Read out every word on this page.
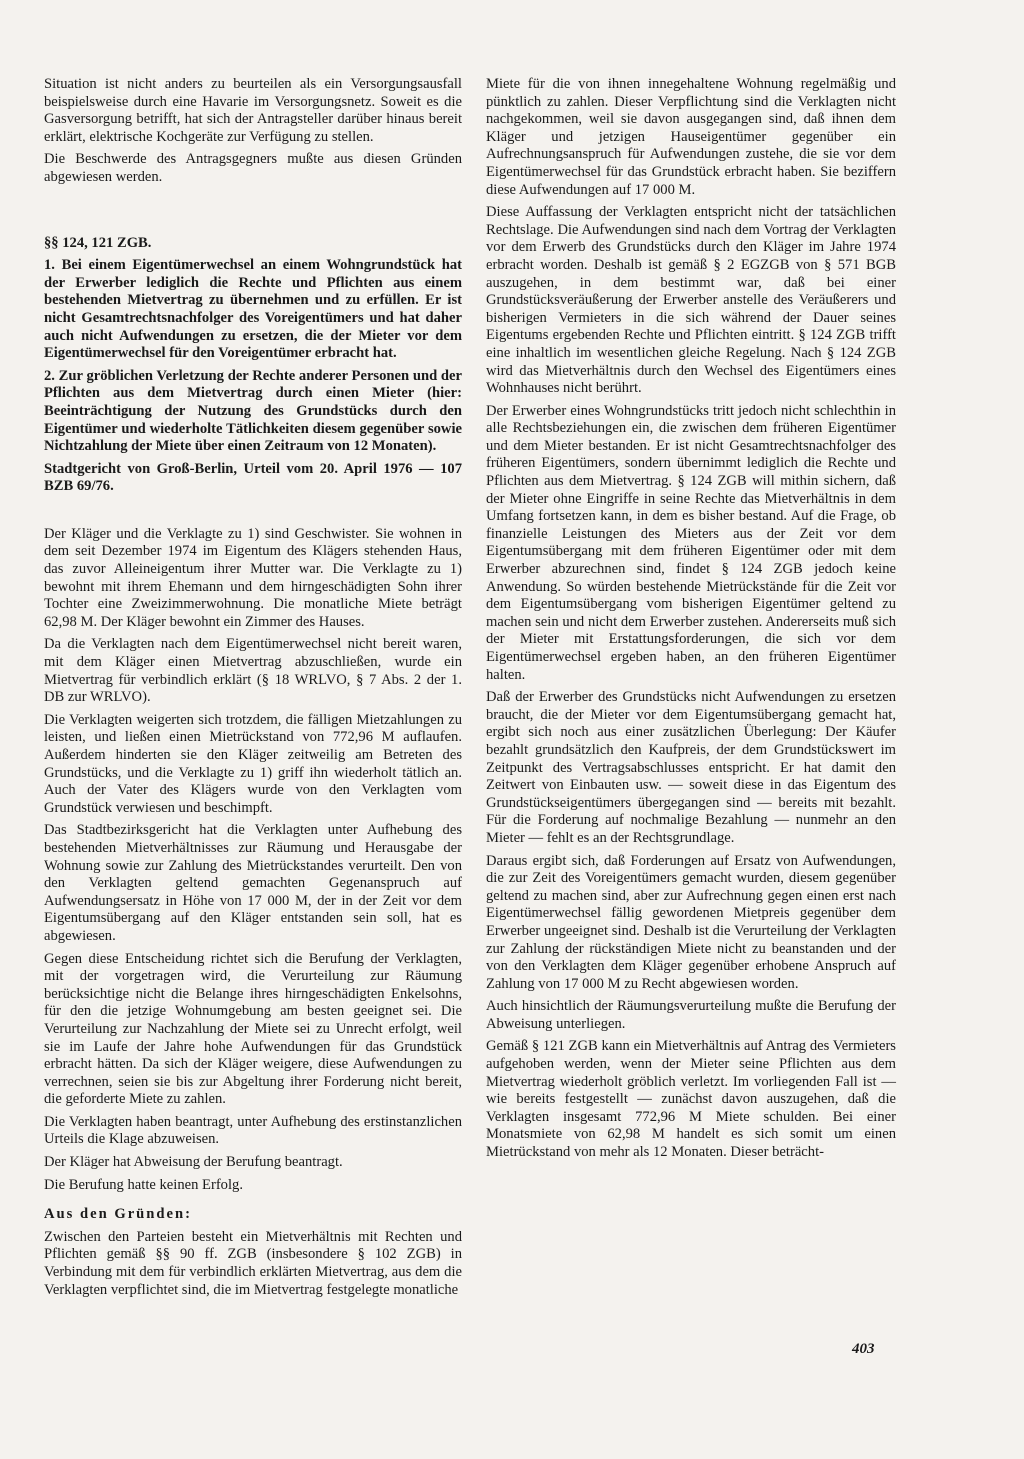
Situation ist nicht anders zu beurteilen als ein Versorgungsausfall beispielsweise durch eine Havarie im Versorgungsnetz. Soweit es die Gasversorgung betrifft, hat sich der Antragsteller darüber hinaus bereit erklärt, elektrische Kochgeräte zur Verfügung zu stellen.

Die Beschwerde des Antragsgegners mußte aus diesen Gründen abgewiesen werden.

§§ 124, 121 ZGB.

1. Bei einem Eigentümerwechsel an einem Wohngrundstück hat der Erwerber lediglich die Rechte und Pflichten aus einem bestehenden Mietvertrag zu übernehmen und zu erfüllen. Er ist nicht Gesamtrechtsnachfolger des Voreigentümers und hat daher auch nicht Aufwendungen zu ersetzen, die der Mieter vor dem Eigentümerwechsel für den Voreigentümer erbracht hat.

2. Zur gröblichen Verletzung der Rechte anderer Personen und der Pflichten aus dem Mietvertrag durch einen Mieter (hier: Beeinträchtigung der Nutzung des Grundstücks durch den Eigentümer und wiederholte Tätlichkeiten diesem gegenüber sowie Nichtzahlung der Miete über einen Zeitraum von 12 Monaten).

Stadtgericht von Groß-Berlin, Urteil vom 20. April 1976 — 107 BZB 69/76.

Der Kläger und die Verklagte zu 1) sind Geschwister. Sie wohnen in dem seit Dezember 1974 im Eigentum des Klägers stehenden Haus, das zuvor Alleineigentum ihrer Mutter war. Die Verklagte zu 1) bewohnt mit ihrem Ehemann und dem hirngeschädigten Sohn ihrer Tochter eine Zweizimmerwohnung. Die monatliche Miete beträgt 62,98 M. Der Kläger bewohnt ein Zimmer des Hauses.

Da die Verklagten nach dem Eigentümerwechsel nicht bereit waren, mit dem Kläger einen Mietvertrag abzuschließen, wurde ein Mietvertrag für verbindlich erklärt (§ 18 WRLVO, § 7 Abs. 2 der 1. DB zur WRLVO).

Die Verklagten weigerten sich trotzdem, die fälligen Mietzahlungen zu leisten, und ließen einen Mietrückstand von 772,96 M auflaufen. Außerdem hinderten sie den Kläger zeitweilig am Betreten des Grundstücks, und die Verklagte zu 1) griff ihn wiederholt tätlich an. Auch der Vater des Klägers wurde von den Verklagten vom Grundstück verwiesen und beschimpft.

Das Stadtbezirksgericht hat die Verklagten unter Aufhebung des bestehenden Mietverhältnisses zur Räumung und Herausgabe der Wohnung sowie zur Zahlung des Mietrückstandes verurteilt. Den von den Verklagten geltend gemachten Gegenanspruch auf Aufwendungsersatz in Höhe von 17 000 M, der in der Zeit vor dem Eigentumsübergang auf den Kläger entstanden sein soll, hat es abgewiesen.

Gegen diese Entscheidung richtet sich die Berufung der Verklagten, mit der vorgetragen wird, die Verurteilung zur Räumung berücksichtige nicht die Belange ihres hirngeschädigten Enkelsohns, für den die jetzige Wohnumgebung am besten geeignet sei. Die Verurteilung zur Nachzahlung der Miete sei zu Unrecht erfolgt, weil sie im Laufe der Jahre hohe Aufwendungen für das Grundstück erbracht hätten. Da sich der Kläger weigere, diese Aufwendungen zu verrechnen, seien sie bis zur Abgeltung ihrer Forderung nicht bereit, die geforderte Miete zu zahlen.

Die Verklagten haben beantragt, unter Aufhebung des erstinstanzlichen Urteils die Klage abzuweisen.

Der Kläger hat Abweisung der Berufung beantragt.

Die Berufung hatte keinen Erfolg.

Aus den Gründen:

Zwischen den Parteien besteht ein Mietverhältnis mit Rechten und Pflichten gemäß §§ 90 ff. ZGB (insbesondere § 102 ZGB) in Verbindung mit dem für verbindlich erklärten Mietvertrag, aus dem die Verklagten verpflichtet sind, die im Mietvertrag festgelegte monatliche

Miete für die von ihnen innegehaltene Wohnung regelmäßig und pünktlich zu zahlen. Dieser Verpflichtung sind die Verklagten nicht nachgekommen, weil sie davon ausgegangen sind, daß ihnen dem Kläger und jetzigen Hauseigentümer gegenüber ein Aufrechnungsanspruch für Aufwendungen zustehe, die sie vor dem Eigentümerwechsel für das Grundstück erbracht haben. Sie beziffern diese Aufwendungen auf 17 000 M.

Diese Auffassung der Verklagten entspricht nicht der tatsächlichen Rechtslage. Die Aufwendungen sind nach dem Vortrag der Verklagten vor dem Erwerb des Grundstücks durch den Kläger im Jahre 1974 erbracht worden. Deshalb ist gemäß § 2 EGZGB von § 571 BGB auszugehen, in dem bestimmt war, daß bei einer Grundstücksveräußerung der Erwerber anstelle des Veräußerers und bisherigen Vermieters in die sich während der Dauer seines Eigentums ergebenden Rechte und Pflichten eintritt. § 124 ZGB trifft eine inhaltlich im wesentlichen gleiche Regelung. Nach § 124 ZGB wird das Mietverhältnis durch den Wechsel des Eigentümers eines Wohnhauses nicht berührt.

Der Erwerber eines Wohngrundstücks tritt jedoch nicht schlechthin in alle Rechtsbeziehungen ein, die zwischen dem früheren Eigentümer und dem Mieter bestanden. Er ist nicht Gesamtrechtsnachfolger des früheren Eigentümers, sondern übernimmt lediglich die Rechte und Pflichten aus dem Mietvertrag. § 124 ZGB will mithin sichern, daß der Mieter ohne Eingriffe in seine Rechte das Mietverhältnis in dem Umfang fortsetzen kann, in dem es bisher bestand. Auf die Frage, ob finanzielle Leistungen des Mieters aus der Zeit vor dem Eigentumsübergang mit dem früheren Eigentümer oder mit dem Erwerber abzurechnen sind, findet § 124 ZGB jedoch keine Anwendung. So würden bestehende Mietrückstände für die Zeit vor dem Eigentumsübergang vom bisherigen Eigentümer geltend zu machen sein und nicht dem Erwerber zustehen. Andererseits muß sich der Mieter mit Erstattungsforderungen, die sich vor dem Eigentümerwechsel ergeben haben, an den früheren Eigentümer halten.

Daß der Erwerber des Grundstücks nicht Aufwendungen zu ersetzen braucht, die der Mieter vor dem Eigentumsübergang gemacht hat, ergibt sich noch aus einer zusätzlichen Überlegung: Der Käufer bezahlt grundsätzlich den Kaufpreis, der dem Grundstückswert im Zeitpunkt des Vertragsabschlusses entspricht. Er hat damit den Zeitwert von Einbauten usw. — soweit diese in das Eigentum des Grundstückseigentümers übergegangen sind — bereits mit bezahlt. Für die Forderung auf nochmalige Bezahlung — nunmehr an den Mieter — fehlt es an der Rechtsgrundlage.

Daraus ergibt sich, daß Forderungen auf Ersatz von Aufwendungen, die zur Zeit des Voreigentümers gemacht wurden, diesem gegenüber geltend zu machen sind, aber zur Aufrechnung gegen einen erst nach Eigentümerwechsel fällig gewordenen Mietpreis gegenüber dem Erwerber ungeeignet sind. Deshalb ist die Verurteilung der Verklagten zur Zahlung der rückständigen Miete nicht zu beanstanden und der von den Verklagten dem Kläger gegenüber erhobene Anspruch auf Zahlung von 17 000 M zu Recht abgewiesen worden.

Auch hinsichtlich der Räumungsverurteilung mußte die Berufung der Abweisung unterliegen.

Gemäß § 121 ZGB kann ein Mietverhältnis auf Antrag des Vermieters aufgehoben werden, wenn der Mieter seine Pflichten aus dem Mietvertrag wiederholt gröblich verletzt. Im vorliegenden Fall ist — wie bereits festgestellt — zunächst davon auszugehen, daß die Verklagten insgesamt 772,96 M Miete schulden. Bei einer Monatsmiete von 62,98 M handelt es sich somit um einen Mietrückstand von mehr als 12 Monaten. Dieser beträcht-

403
